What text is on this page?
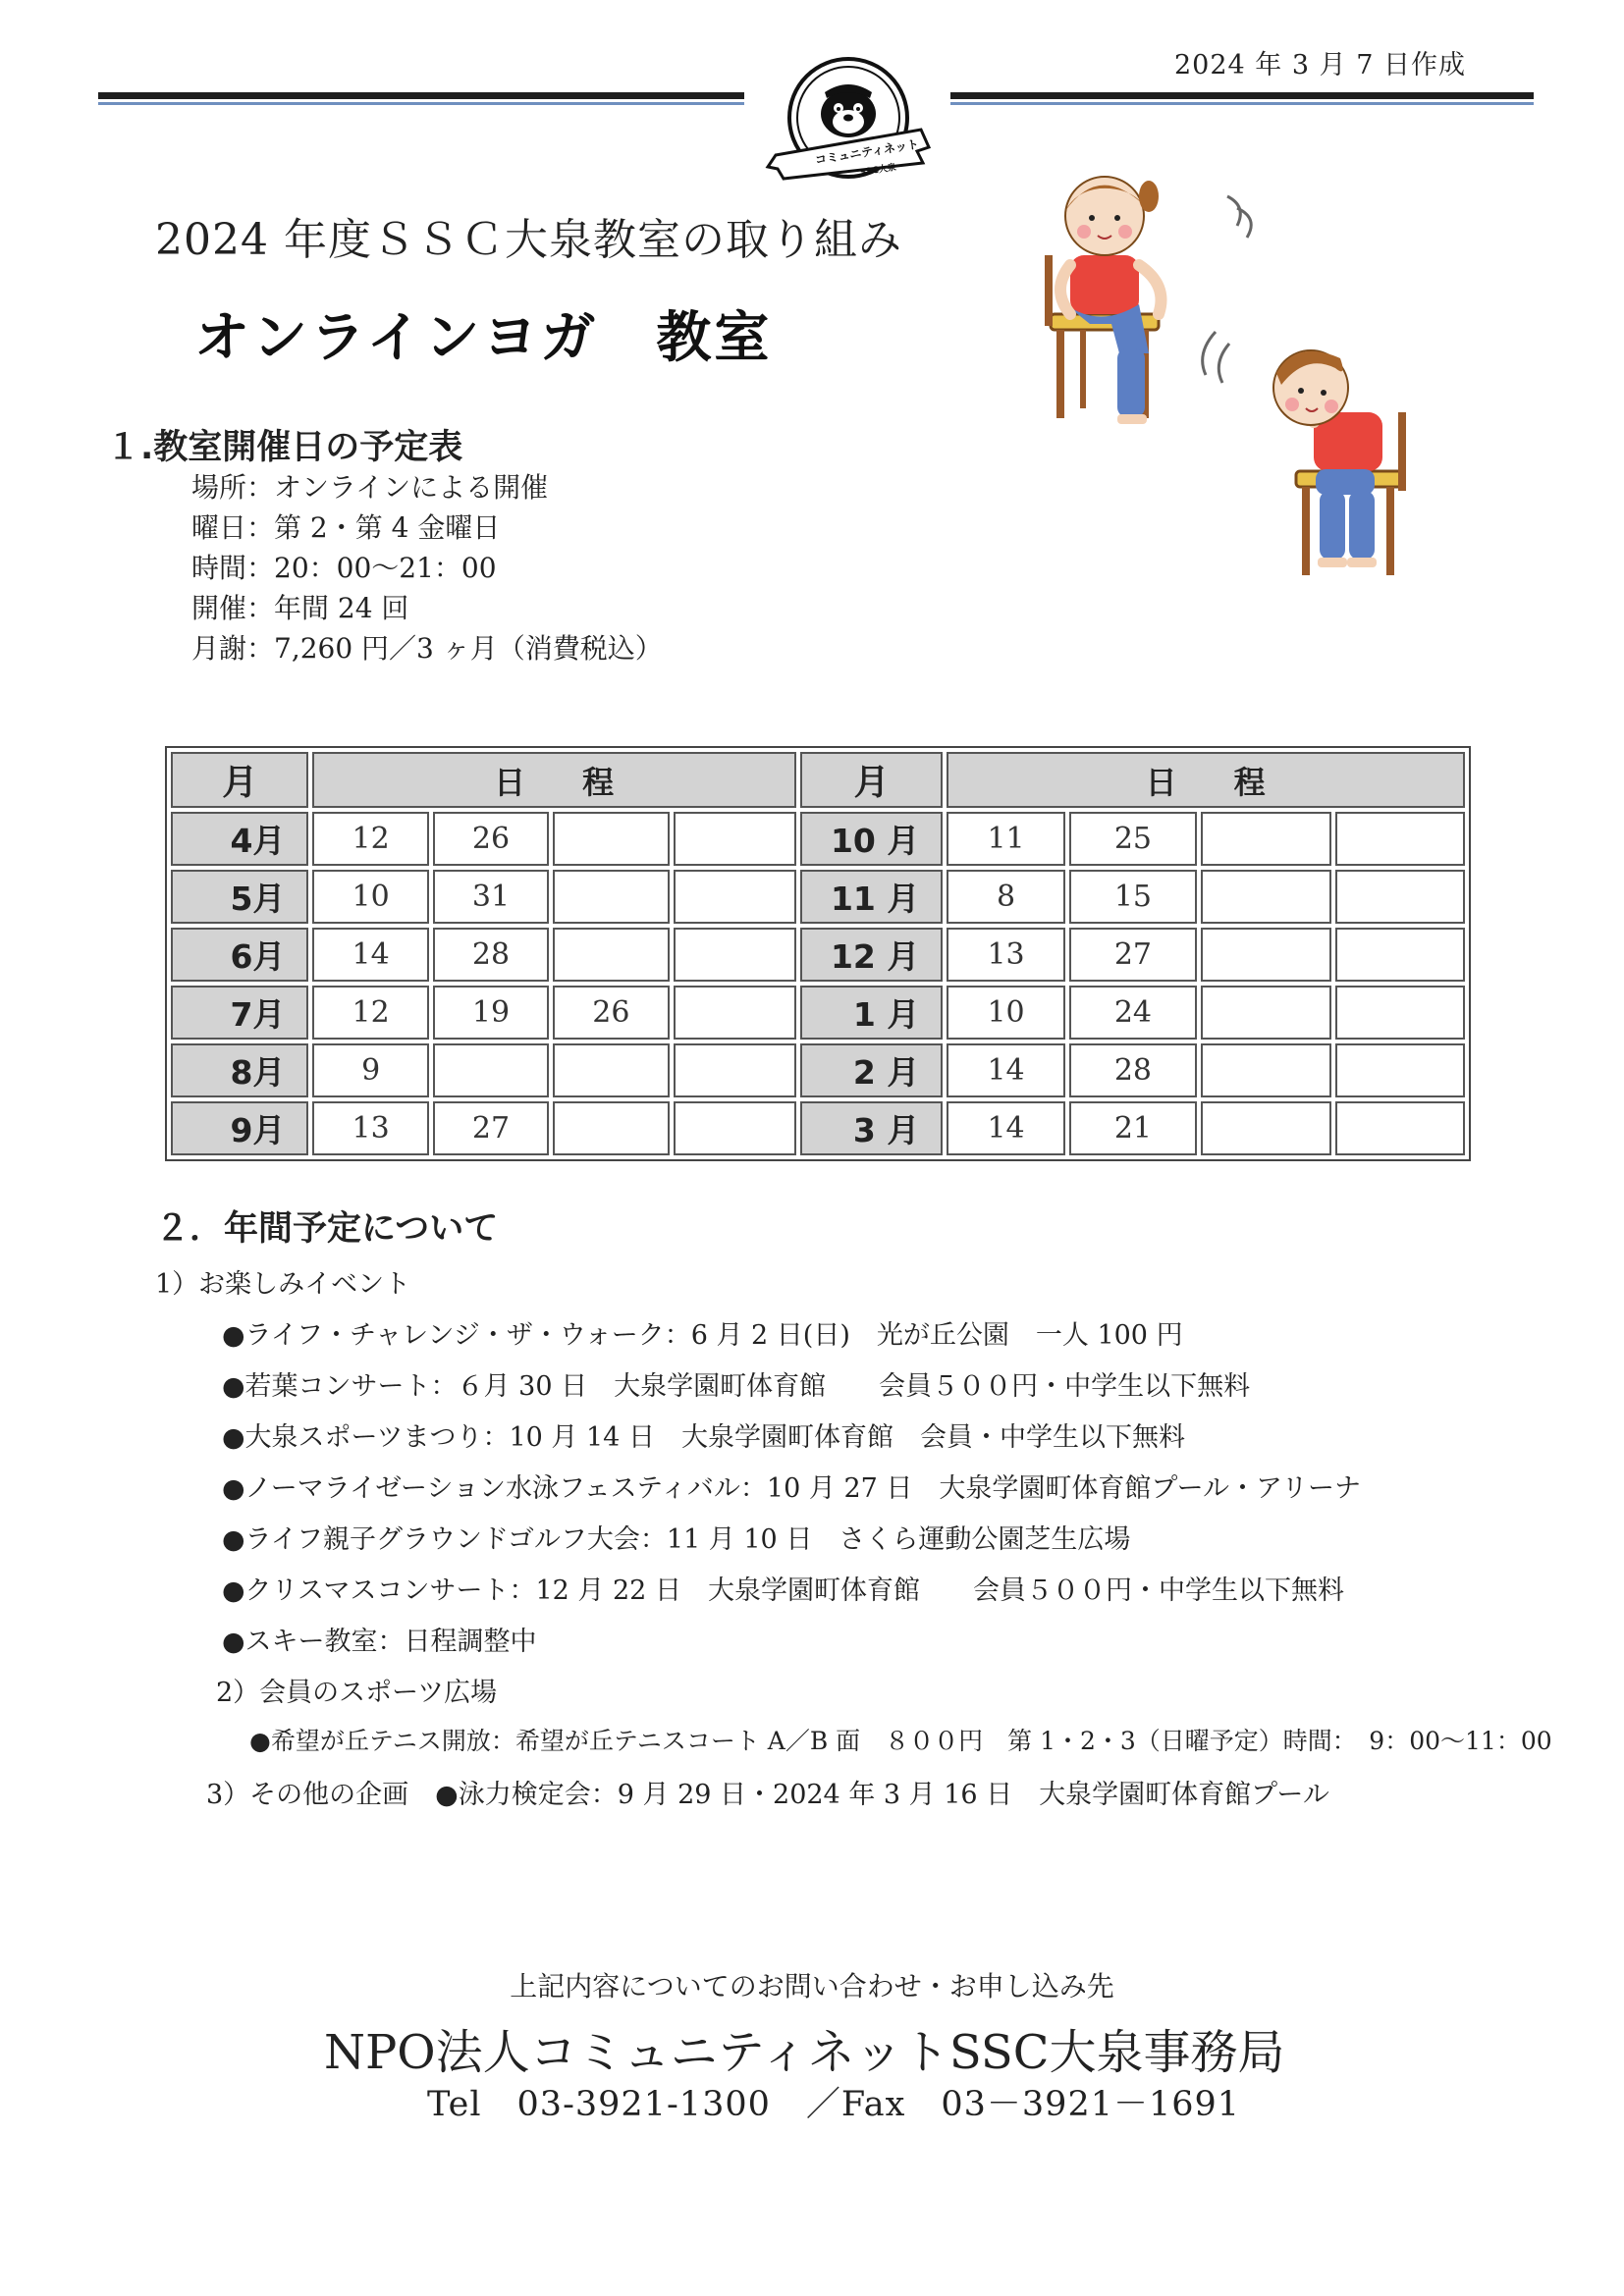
2024 年 3 月 7 日作成
コミュニティネット
SSC大泉
2024 年度ＳＳＣ大泉教室の取り組み
オンラインヨガ　教室
１.教室開催日の予定表
場所：オンラインによる開催
曜日：第 2・第 4 金曜日
時間：20：00～21：00
開催：年間 24 回
月謝：7,260 円／3 ヶ月（消費税込）
月	日程				月	日程			
4月	12	26			10 月	11	25		
5月	10	31			11 月	8	15		
6月	14	28			12 月	13	27		
7月	12	19	26		1 月	10	24		
8月	9				2 月	14	28		
9月	13	27			3 月	14	21		
２．年間予定について
1）お楽しみイベント
●ライフ・チャレンジ・ザ・ウォーク：6 月 2 日(日)　光が丘公園　一人 100 円
●若葉コンサート：６月 30 日　大泉学園町体育館　　会員５００円・中学生以下無料
●大泉スポーツまつり：10 月 14 日　大泉学園町体育館　会員・中学生以下無料
●ノーマライゼーション水泳フェスティバル：10 月 27 日　大泉学園町体育館プール・アリーナ
●ライフ親子グラウンドゴルフ大会：11 月 10 日　さくら運動公園芝生広場
●クリスマスコンサート：12 月 22 日　大泉学園町体育館　　会員５００円・中学生以下無料
●スキー教室：日程調整中
2）会員のスポーツ広場
●希望が丘テニス開放：希望が丘テニスコート A／B 面　８００円　第 1・2・3（日曜予定）時間：　9：00～11：00
3）その他の企画　●泳力検定会：9 月 29 日・2024 年 3 月 16 日　大泉学園町体育館プール
上記内容についてのお問い合わせ・お申し込み先
NPO法人コミュニティネットSSC大泉事務局
Tel　03-3921-1300　／Fax　03－3921－1691
